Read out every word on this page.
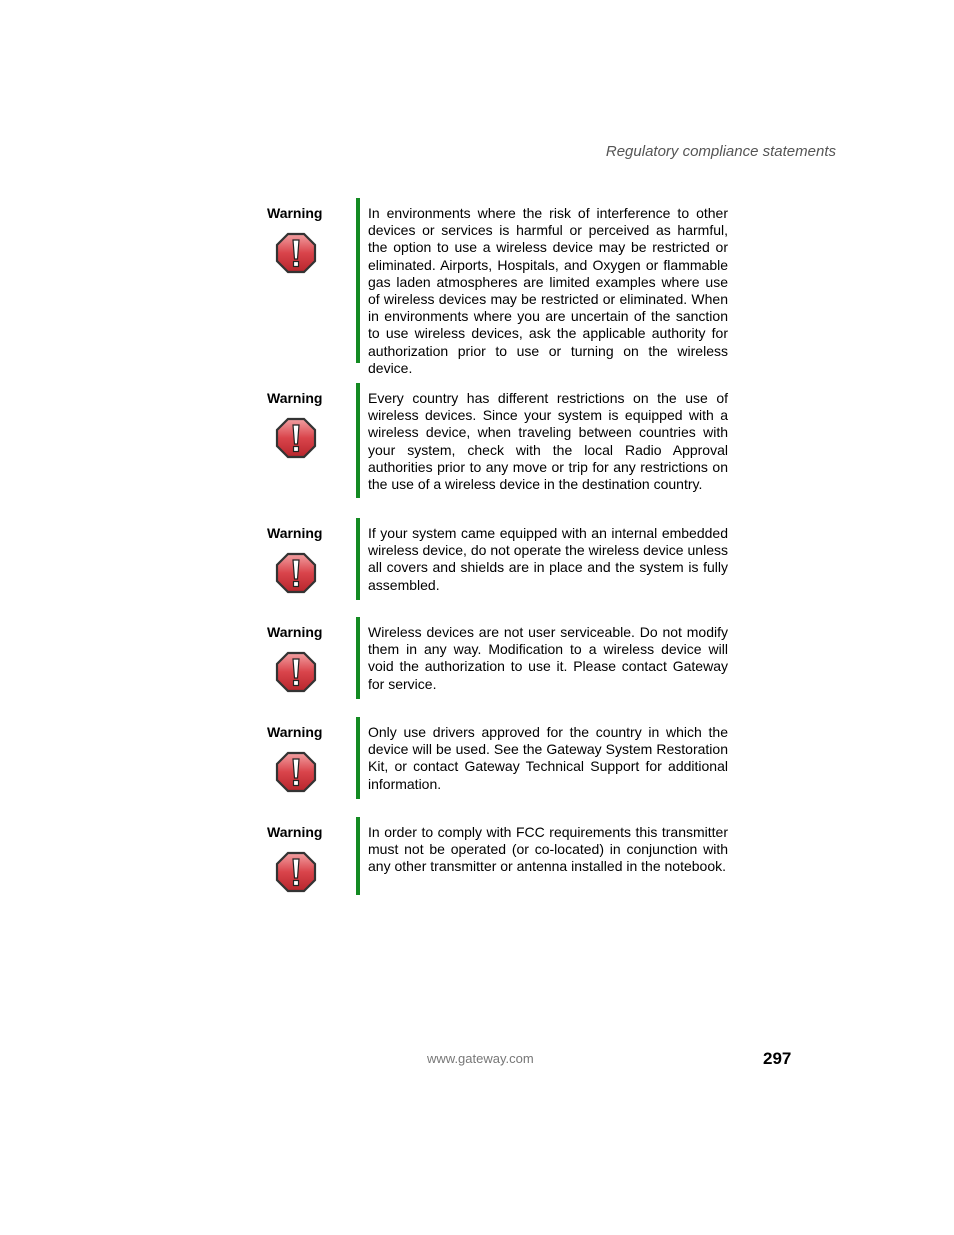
Regulatory compliance statements
Warning	In environments where the risk of interference to other devices or services is harmful or perceived as harmful, the option to use a wireless device may be restricted or eliminated. Airports, Hospitals, and Oxygen or flammable gas laden atmospheres are limited examples where use of wireless devices may be restricted or eliminated. When in environments where you are uncertain of the sanction to use wireless devices, ask the applicable authority for authorization prior to use or turning on the wireless device.
Warning	Every country has different restrictions on the use of wireless devices. Since your system is equipped with a wireless device, when traveling between countries with your system, check with the local Radio Approval authorities prior to any move or trip for any restrictions on the use of a wireless device in the destination country.
Warning	If your system came equipped with an internal embedded wireless device, do not operate the wireless device unless all covers and shields are in place and the system is fully assembled.
Warning	Wireless devices are not user serviceable. Do not modify them in any way. Modification to a wireless device will void the authorization to use it. Please contact Gateway for service.
Warning	Only use drivers approved for the country in which the device will be used. See the Gateway System Restoration Kit, or contact Gateway Technical Support for additional information.
Warning	In order to comply with FCC requirements this transmitter must not be operated (or co-located) in conjunction with any other transmitter or antenna installed in the notebook.
www.gateway.com	297
